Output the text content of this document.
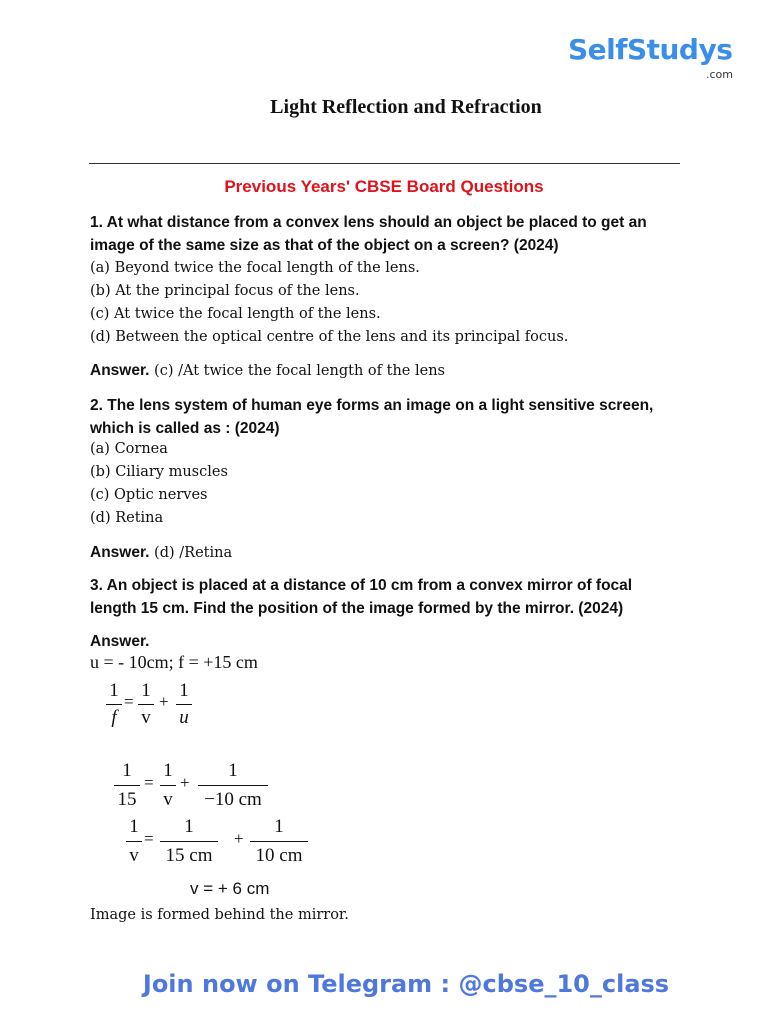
SelfStudys
.com
Light Reflection and Refraction
Previous Years' CBSE Board Questions
1. At what distance from a convex lens should an object be placed to get an
image of the same size as that of the object on a screen? (2024)
(a) Beyond twice the focal length of the lens.
(b) At the principal focus of the lens.
(c) At twice the focal length of the lens.
(d) Between the optical centre of the lens and its principal focus.
Answer. (c) /At twice the focal length of the lens
2. The lens system of human eye forms an image on a light sensitive screen,
which is called as : (2024)
(a) Cornea
(b) Ciliary muscles
(c) Optic nerves
(d) Retina
Answer. (d) /Retina
3. An object is placed at a distance of 10 cm from a convex mirror of focal
length 15 cm. Find the position of the image formed by the mirror. (2024)
Answer.
u = - 10cm; f = +15 cm
1
f
=
1
v
+
1
u
1
15
=
1
v
+
1
−10 cm
1
v
=
1
15 cm
+
1
10 cm
v = + 6 cm
Image is formed behind the mirror.
Join now on Telegram : @cbse_10_class
